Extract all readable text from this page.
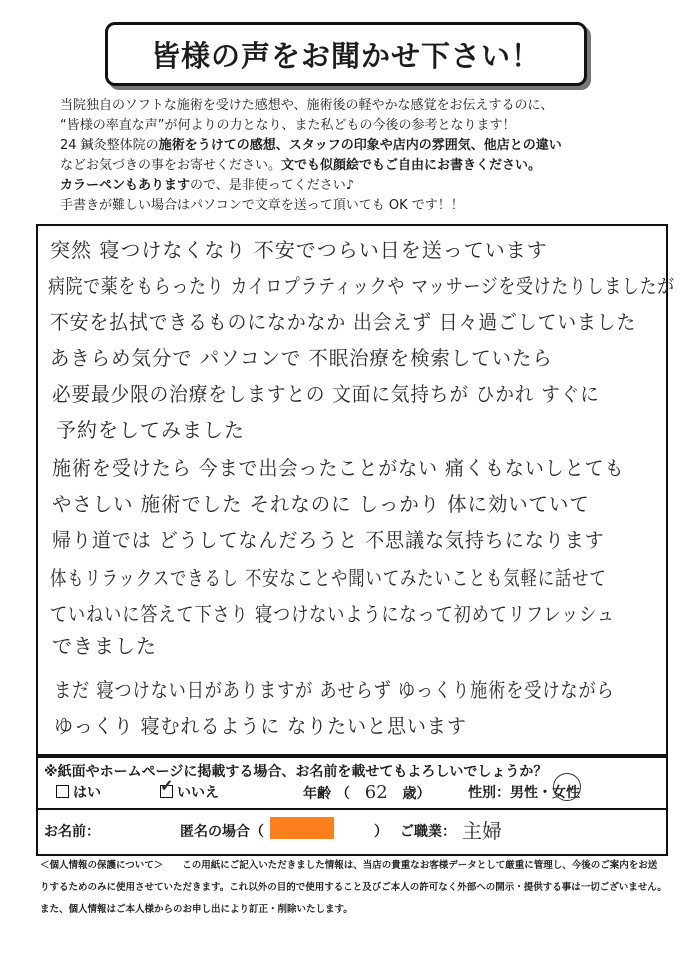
皆様の声をお聞かせ下さい！
当院独自のソフトな施術を受けた感想や、施術後の軽やかな感覚をお伝えするのに、
“皆様の率直な声”が何よりの力となり、また私どもの今後の参考となります！
24 鍼灸整体院の施術をうけての感想、スタッフの印象や店内の雰囲気、他店との違い
などお気づきの事をお寄せください。文でも似顔絵でもご自由にお書きください。
カラーペンもありますので、是非使ってください♪
手書きが難しい場合はパソコンで文章を送って頂いても OK です！！
突然 寝つけなくなり 不安でつらい日を送っています
病院で薬をもらったり カイロプラティックや マッサージを受けたりしましたが
不安を払拭できるものになかなか 出会えず 日々過ごしていました
あきらめ気分で パソコンで 不眠治療を検索していたら
必要最少限の治療をしますとの 文面に気持ちが ひかれ すぐに
予約をしてみました
施術を受けたら 今まで出会ったことがない 痛くもないしとても
やさしい 施術でした それなのに しっかり 体に効いていて
帰り道では どうしてなんだろうと 不思議な気持ちになります
体もリラックスできるし 不安なことや聞いてみたいことも気軽に話せて
ていねいに答えて下さり 寝つけないようになって初めてリフレッシュ
できました
まだ 寝つけない日がありますが あせらず ゆっくり施術を受けながら
ゆっくり 寝むれるように なりたいと思います
※紙面やホームページに掲載する場合、お名前を載せてもよろしいでしょうか？
はい	✓ いいえ	年齢 （ 62 歳）	性別：男性・女性
お名前：	匿名の場合（	） ご職業： 主婦
＜個人情報の保護について＞　　この用紙にご記入いただきました情報は、当店の貴重なお客様データとして厳重に管理し、今後のご案内をお送
りするためのみに使用させていただきます。これ以外の目的で使用すること及びご本人の許可なく外部への開示・提供する事は一切ございません。
また、個人情報はご本人様からのお申し出により訂正・削除いたします。
